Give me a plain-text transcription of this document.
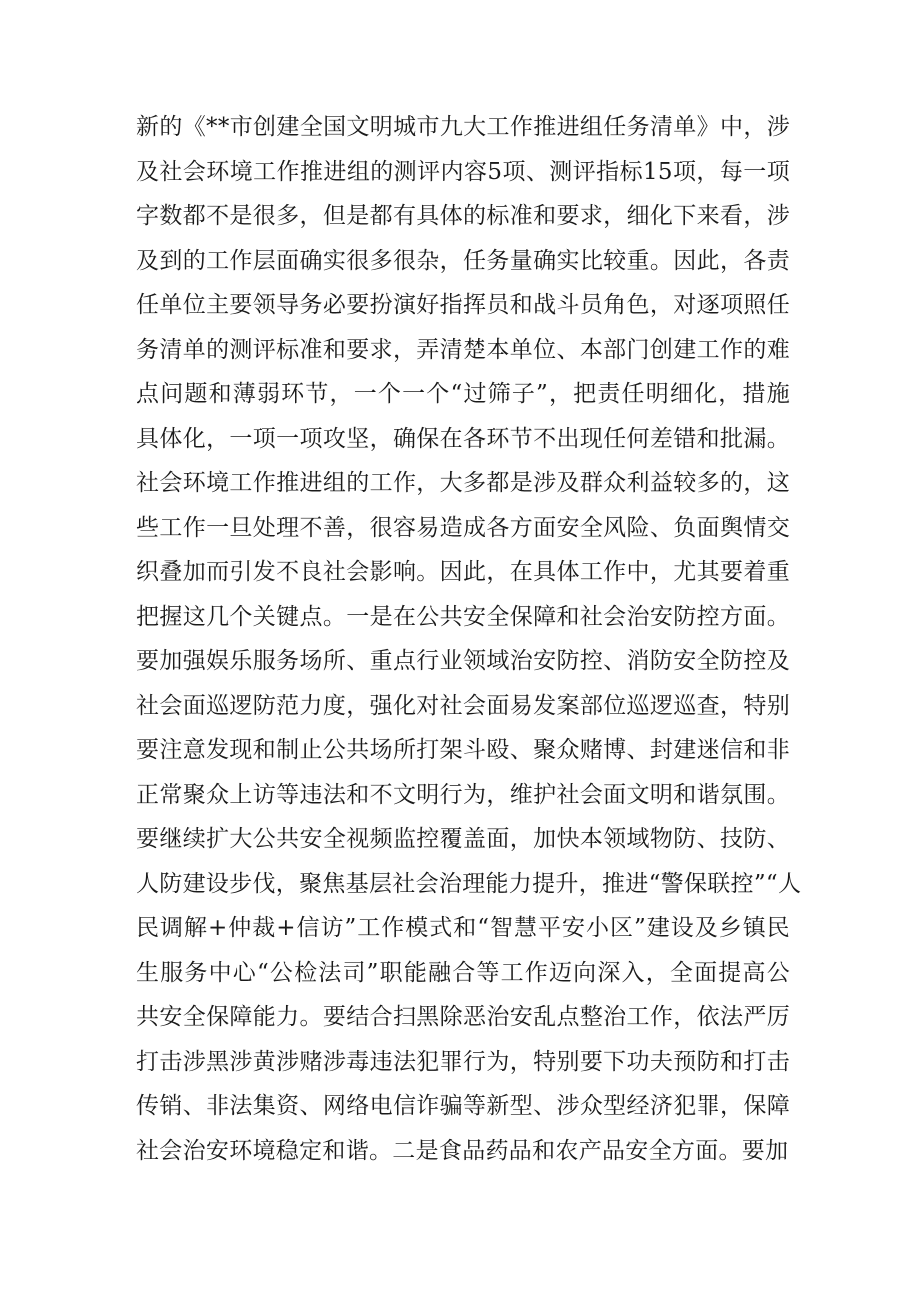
新的《**市创建全国文明城市九大工作推进组任务清单》中，涉
及社会环境工作推进组的测评内容5项、测评指标15项，每一项
字数都不是很多，但是都有具体的标准和要求，细化下来看，涉
及到的工作层面确实很多很杂，任务量确实比较重。因此，各责
任单位主要领导务必要扮演好指挥员和战斗员角色，对逐项照任
务清单的测评标准和要求，弄清楚本单位、本部门创建工作的难
点问题和薄弱环节，一个一个“过筛子”，把责任明细化，措施
具体化，一项一项攻坚，确保在各环节不出现任何差错和批漏。
社会环境工作推进组的工作，大多都是涉及群众利益较多的，这
些工作一旦处理不善，很容易造成各方面安全风险、负面舆情交
织叠加而引发不良社会影响。因此，在具体工作中，尤其要着重
把握这几个关键点。一是在公共安全保障和社会治安防控方面。
要加强娱乐服务场所、重点行业领域治安防控、消防安全防控及
社会面巡逻防范力度，强化对社会面易发案部位巡逻巡查，特别
要注意发现和制止公共场所打架斗殴、聚众赌博、封建迷信和非
正常聚众上访等违法和不文明行为，维护社会面文明和谐氛围。
要继续扩大公共安全视频监控覆盖面，加快本领域物防、技防、
人防建设步伐，聚焦基层社会治理能力提升，推进“警保联控”“人
民调解+仲裁+信访”工作模式和“智慧平安小区”建设及乡镇民
生服务中心“公检法司”职能融合等工作迈向深入，全面提高公
共安全保障能力。要结合扫黑除恶治安乱点整治工作，依法严厉
打击涉黑涉黄涉赌涉毒违法犯罪行为，特别要下功夫预防和打击
传销、非法集资、网络电信诈骗等新型、涉众型经济犯罪，保障
社会治安环境稳定和谐。二是食品药品和农产品安全方面。要加
